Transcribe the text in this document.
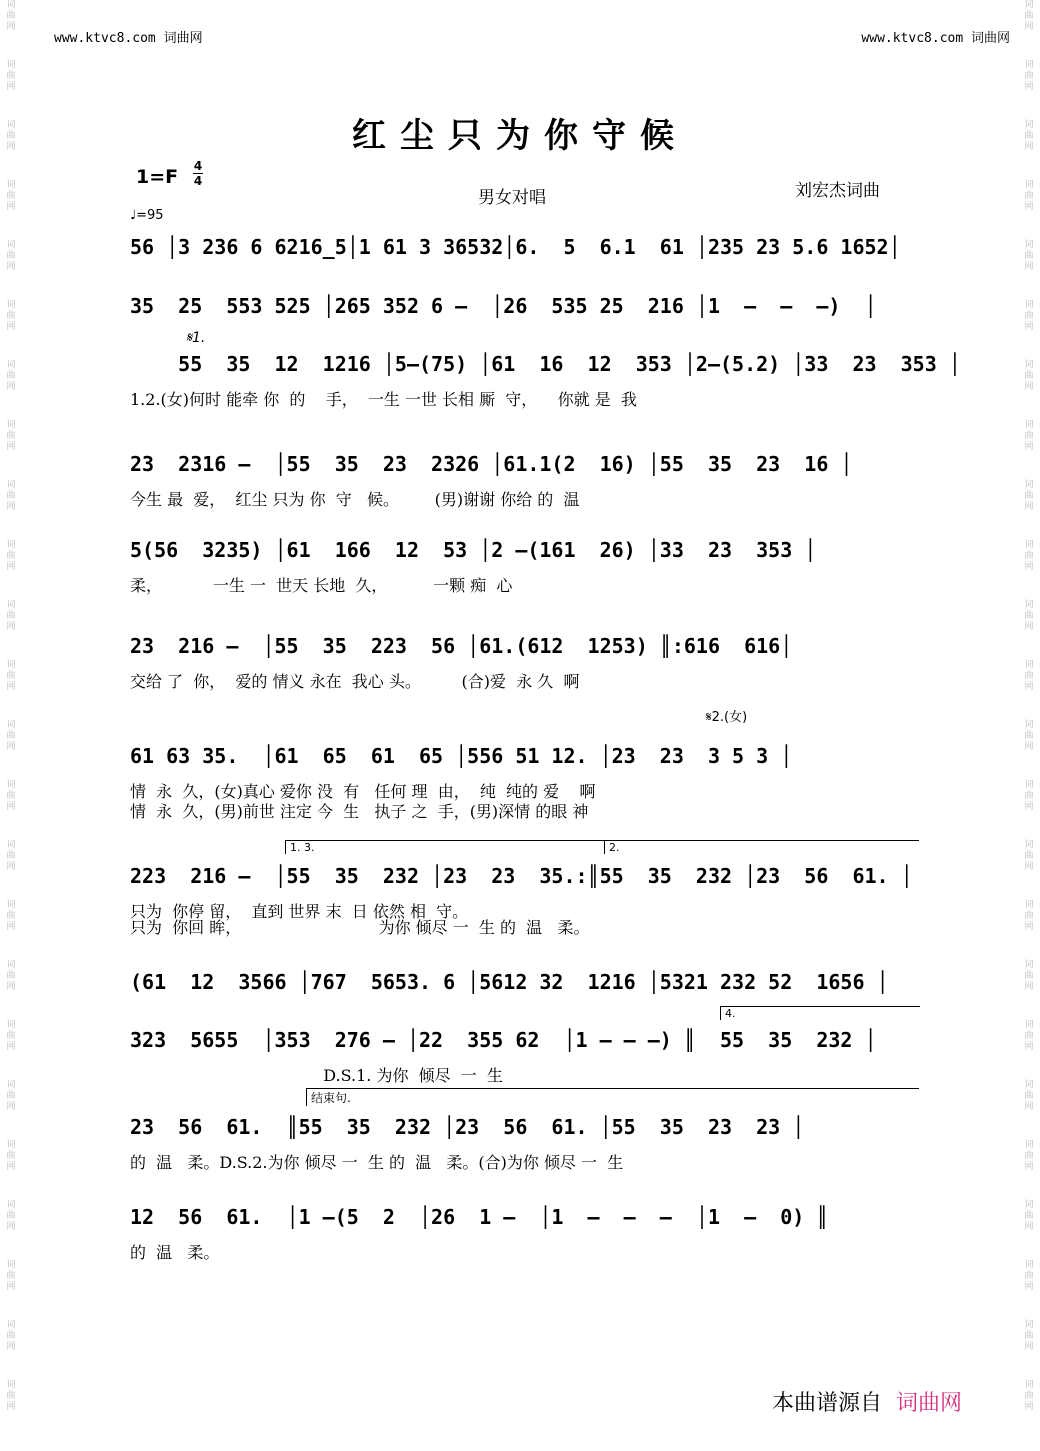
词
曲
网
词
曲
网
词
曲
网
词
曲
网
词
曲
网
词
曲
网
词
曲
网
词
曲
网
词
曲
网
词
曲
网
词
曲
网
词
曲
网
词
曲
网
词
曲
网
词
曲
网
词
曲
网
词
曲
网
词
曲
网
词
曲
网
词
曲
网
词
曲
网
词
曲
网
词
曲
网
词
曲
网
词
曲
网
词
曲
网
词
曲
网
词
曲
网
词
曲
网
词
曲
网
词
曲
网
词
曲
网
词
曲
网
词
曲
网
词
曲
网
词
曲
网
词
曲
网
词
曲
网
词
曲
网
词
曲
网
词
曲
网
词
曲
网
词
曲
网
词
曲
网
词
曲
网
词
曲
网
词
曲
网
词
曲
网
www.ktvc8.com 词曲网	www.ktvc8.com 词曲网
红尘只为你守候
1=F 4
4
男女对唱	刘宏杰词曲
♩=95
56 │3 236 6 6216̲5│1 61 3 36532│6.  5  6.1  61 │235 23 5.6 1652│
35  25  553 525 │265 352 6 –  │26  535 25  216 │1  –  –  –)  │
55  35  12  1216 │5–(75) │61  16  12  353 │2–(5.2) │33  23  353 │
1.2.(女)何时 能牵 你  的    手，  一生 一世 长相 厮  守，    你就 是  我
23  2316 –  │55  35  23  2326 │61.1(2  16) │55  35  23  16 │
今生 最  爱，  红尘 只为 你  守   候。       (男)谢谢 你给 的  温
5(56  3235) │61  166  12  53 │2 –(161  26) │33  23  353 │
柔，          一生 一  世天 长地  久，         一颗 痴  心
23  216 –  │55  35  223  56 │61.(612  1253) ║:616  616│
交给 了  你，  爱的 情义 永在  我心 头。        (合)爱  永 久  啊
61 63 35.  │61  65  61  65 │556 51 12. │23  23  3 5 3 │
情  永  久，(女)真心 爱你 没  有   任何 理  由，  纯  纯的 爱    啊
情  永  久，(男)前世 注定 今  生   执子 之  手，(男)深情 的眼 神
223  216 –  │55  35  232 │23  23  35.:║55  35  232 │23  56  61. │
只为  你停 留，  直到 世界 末  日 依然 相  守。
只为  你回 眸，                           为你 倾尽 一  生 的  温   柔。
(61  12  3566 │767  5653. 6 │5612 32  1216 │5321 232 52  1656 │
323  5655  │353  276 – │22  355 62  │1 – – –) ║  55  35  232 │
D.S.1. 为你  倾尽  一  生
23  56  61.  ║55  35  232 │23  56  61. │55  35  23  23 │
的  温   柔。D.S.2.为你 倾尽 一  生 的  温   柔。(合)为你 倾尽 一  生
12  56  61.  │1 –(5  2  │26  1 –  │1  –  –  –  │1  –  0) ║
的  温   柔。
𝄋1.
𝄋2.(女)
1. 3.	2.
4.
结束句.
本曲谱源自 词曲网
